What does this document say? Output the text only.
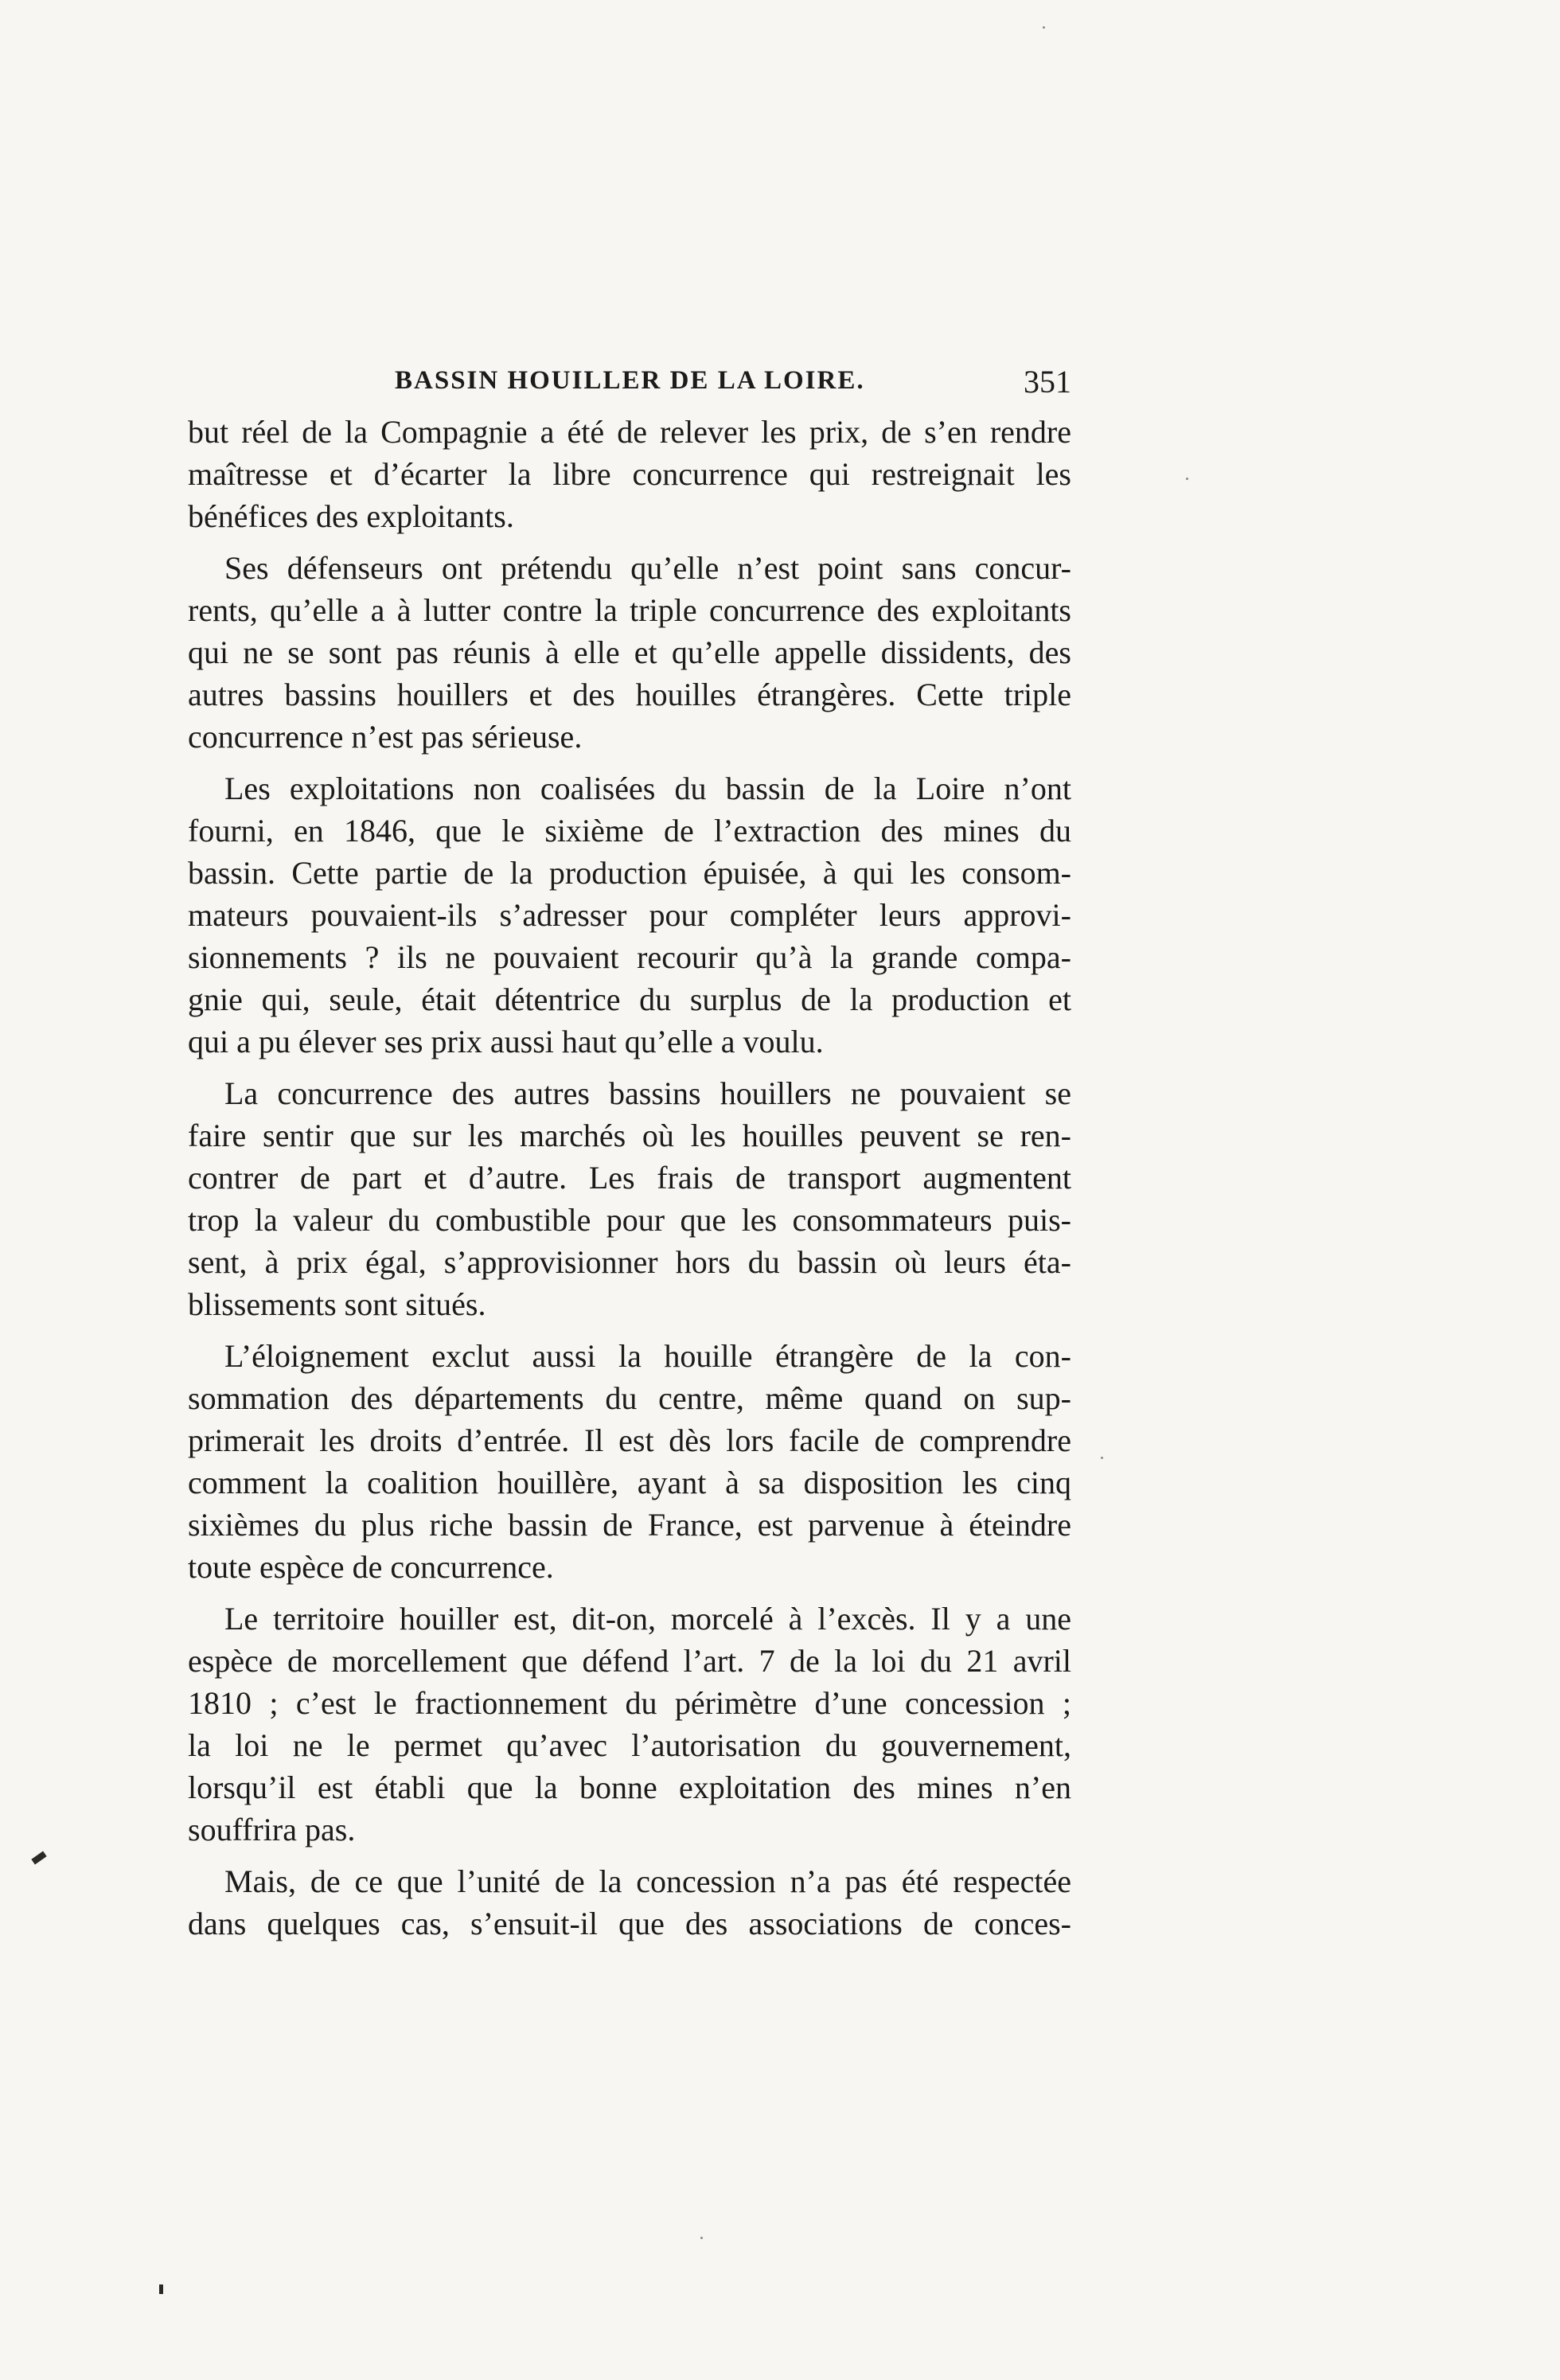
BASSIN HOUILLER DE LA LOIRE.	351

but réel de la Compagnie a été de relever les prix, de s’en rendre
maîtresse et d’écarter la libre concurrence qui restreignait les
bénéfices des exploitants.

Ses défenseurs ont prétendu qu’elle n’est point sans concur-
rents, qu’elle a à lutter contre la triple concurrence des exploitants
qui ne se sont pas réunis à elle et qu’elle appelle dissidents, des
autres bassins houillers et des houilles étrangères. Cette triple
concurrence n’est pas sérieuse.

Les exploitations non coalisées du bassin de la Loire n’ont
fourni, en 1846, que le sixième de l’extraction des mines du
bassin. Cette partie de la production épuisée, à qui les consom-
mateurs pouvaient-ils s’adresser pour compléter leurs approvi-
sionnements ? ils ne pouvaient recourir qu’à la grande compa-
gnie qui, seule, était détentrice du surplus de la production et
qui a pu élever ses prix aussi haut qu’elle a voulu.

La concurrence des autres bassins houillers ne pouvaient se
faire sentir que sur les marchés où les houilles peuvent se ren-
contrer de part et d’autre. Les frais de transport augmentent
trop la valeur du combustible pour que les consommateurs puis-
sent, à prix égal, s’approvisionner hors du bassin où leurs éta-
blissements sont situés.

L’éloignement exclut aussi la houille étrangère de la con-
sommation des départements du centre, même quand on sup-
primerait les droits d’entrée. Il est dès lors facile de comprendre
comment la coalition houillère, ayant à sa disposition les cinq
sixièmes du plus riche bassin de France, est parvenue à éteindre
toute espèce de concurrence.

Le territoire houiller est, dit-on, morcelé à l’excès. Il y a une
espèce de morcellement que défend l’art. 7 de la loi du 21 avril
1810 ; c’est le fractionnement du périmètre d’une concession ;
la loi ne le permet qu’avec l’autorisation du gouvernement,
lorsqu’il est établi que la bonne exploitation des mines n’en
souffrira pas.

Mais, de ce que l’unité de la concession n’a pas été respectée
dans quelques cas, s’ensuit-il que des associations de conces-
